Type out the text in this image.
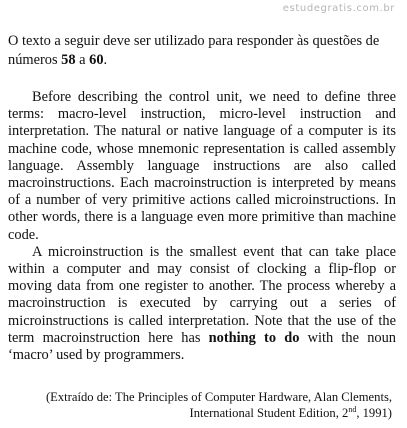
estudegratis.com.br

O texto a seguir deve ser utilizado para responder às questões de números 58 a 60.

Before describing the control unit, we need to define three terms: macro-level instruction, micro-level instruction and interpretation. The natural or native language of a computer is its machine code, whose mnemonic representation is called assembly language. Assembly language instructions are also called macroinstructions. Each macroinstruction is interpreted by means of a number of very primitive actions called microinstructions. In other words, there is a language even more primitive than machine code.

A microinstruction is the smallest event that can take place within a computer and may consist of clocking a flip-flop or moving data from one register to another. The process whereby a macroinstruction is executed by carrying out a series of microinstructions is called interpretation. Note that the use of the term macroinstruction here has nothing to do with the noun ‘macro’ used by programmers.

(Extraído de: The Principles of Computer Hardware, Alan Clements,
International Student Edition, 2nd, 1991)
